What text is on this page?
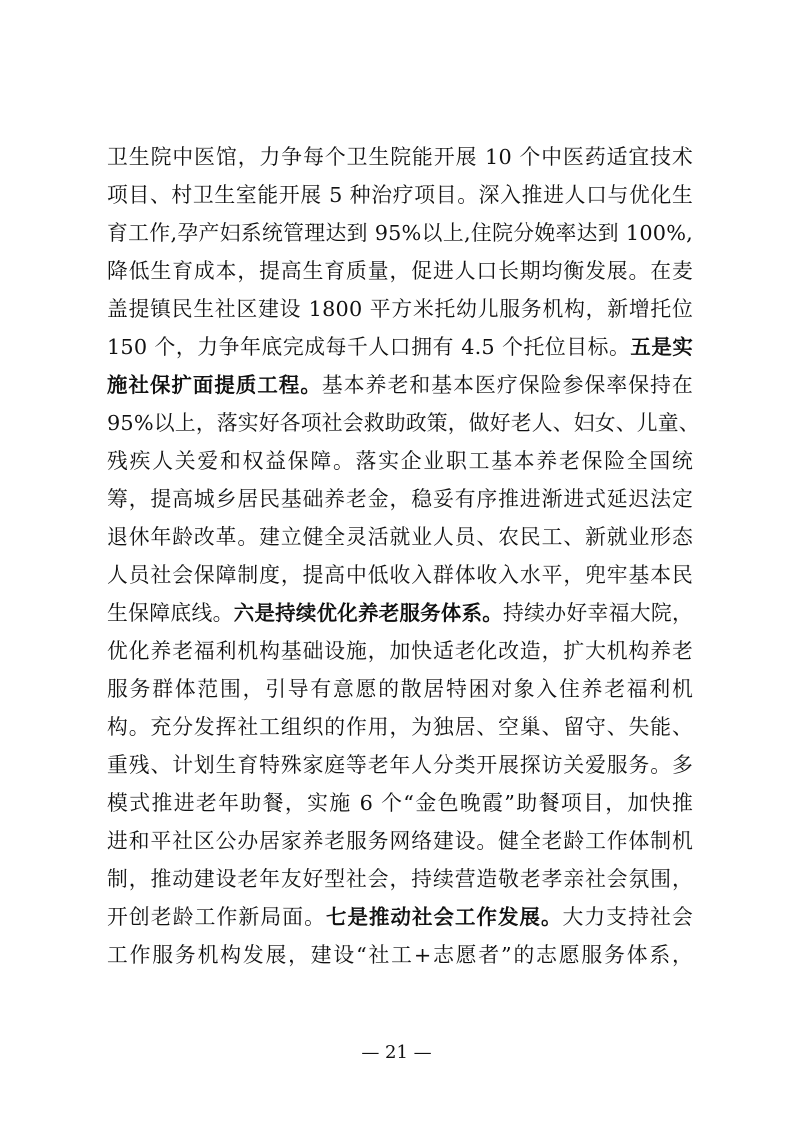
卫生院中医馆，力争每个卫生院能开展 10 个中医药适宜技术
项目、村卫生室能开展 5 种治疗项目。深入推进人口与优化生
育工作,孕产妇系统管理达到 95%以上,住院分娩率达到 100%,
降低生育成本，提高生育质量，促进人口长期均衡发展。在麦
盖提镇民生社区建设 1800 平方米托幼儿服务机构，新增托位
150 个，力争年底完成每千人口拥有 4.5 个托位目标。五是实
施社保扩面提质工程。基本养老和基本医疗保险参保率保持在
95%以上，落实好各项社会救助政策，做好老人、妇女、儿童、
残疾人关爱和权益保障。落实企业职工基本养老保险全国统
筹，提高城乡居民基础养老金，稳妥有序推进渐进式延迟法定
退休年龄改革。建立健全灵活就业人员、农民工、新就业形态
人员社会保障制度，提高中低收入群体收入水平，兜牢基本民
生保障底线。六是持续优化养老服务体系。持续办好幸福大院，
优化养老福利机构基础设施，加快适老化改造，扩大机构养老
服务群体范围，引导有意愿的散居特困对象入住养老福利机
构。充分发挥社工组织的作用，为独居、空巢、留守、失能、
重残、计划生育特殊家庭等老年人分类开展探访关爱服务。多
模式推进老年助餐，实施 6 个“金色晚霞”助餐项目，加快推
进和平社区公办居家养老服务网络建设。健全老龄工作体制机
制，推动建设老年友好型社会，持续营造敬老孝亲社会氛围，
开创老龄工作新局面。七是推动社会工作发展。大力支持社会
工作服务机构发展，建设“社工+志愿者”的志愿服务体系，
— 21 —
